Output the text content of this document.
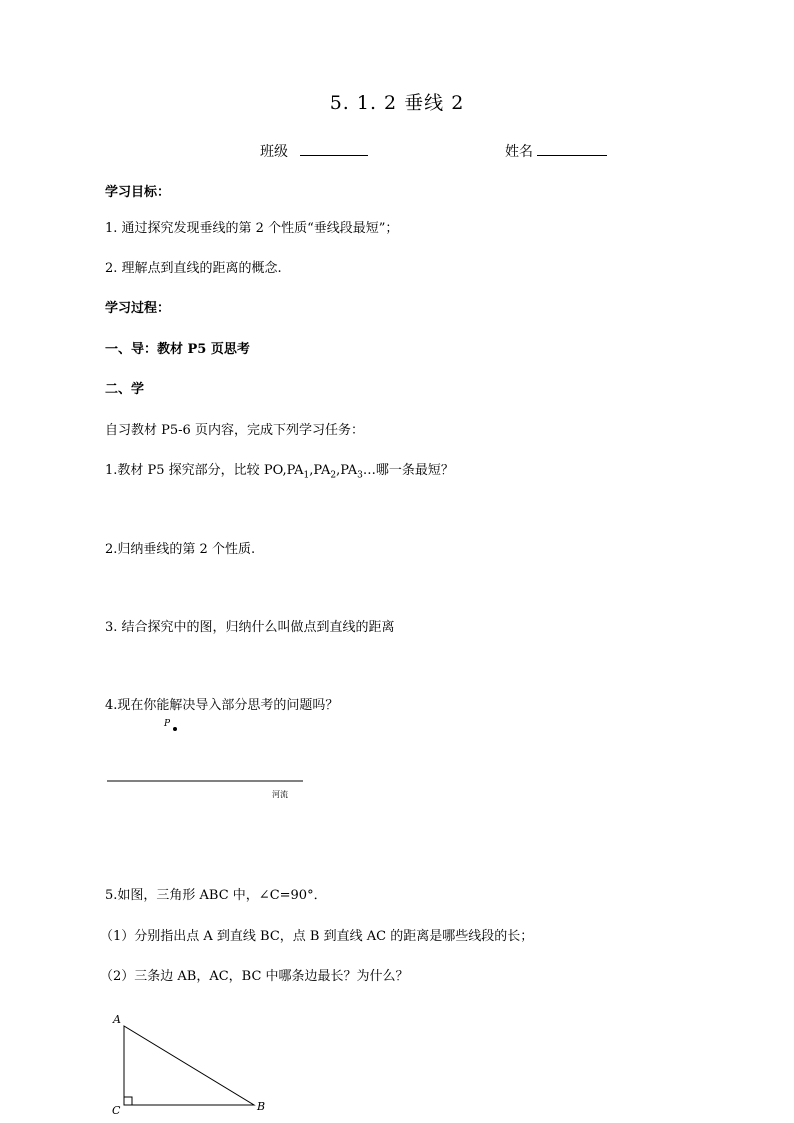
5. 1. 2 垂线 2
班级	姓名
学习目标：
1. 通过探究发现垂线的第 2 个性质“垂线段最短”；
2. 理解点到直线的距离的概念.
学习过程：
一、导：教材 P5 页思考
二、学
自习教材 P5-6 页内容，完成下列学习任务：
1.教材 P5 探究部分，比较 $PO,PA_1,PA_2,PA_3\dots$哪一条最短？
2.归纳垂线的第 2 个性质.
3. 结合探究中的图，归纳什么叫做点到直线的距离
4.现在你能解决导入部分思考的问题吗？
P
河流
5.如图，三角形 ABC 中，∠C=90°．
（1）分别指出点 A 到直线 BC，点 B 到直线 AC 的距离是哪些线段的长；
（2）三条边 AB，AC，BC 中哪条边最长？为什么？
A
C	B
